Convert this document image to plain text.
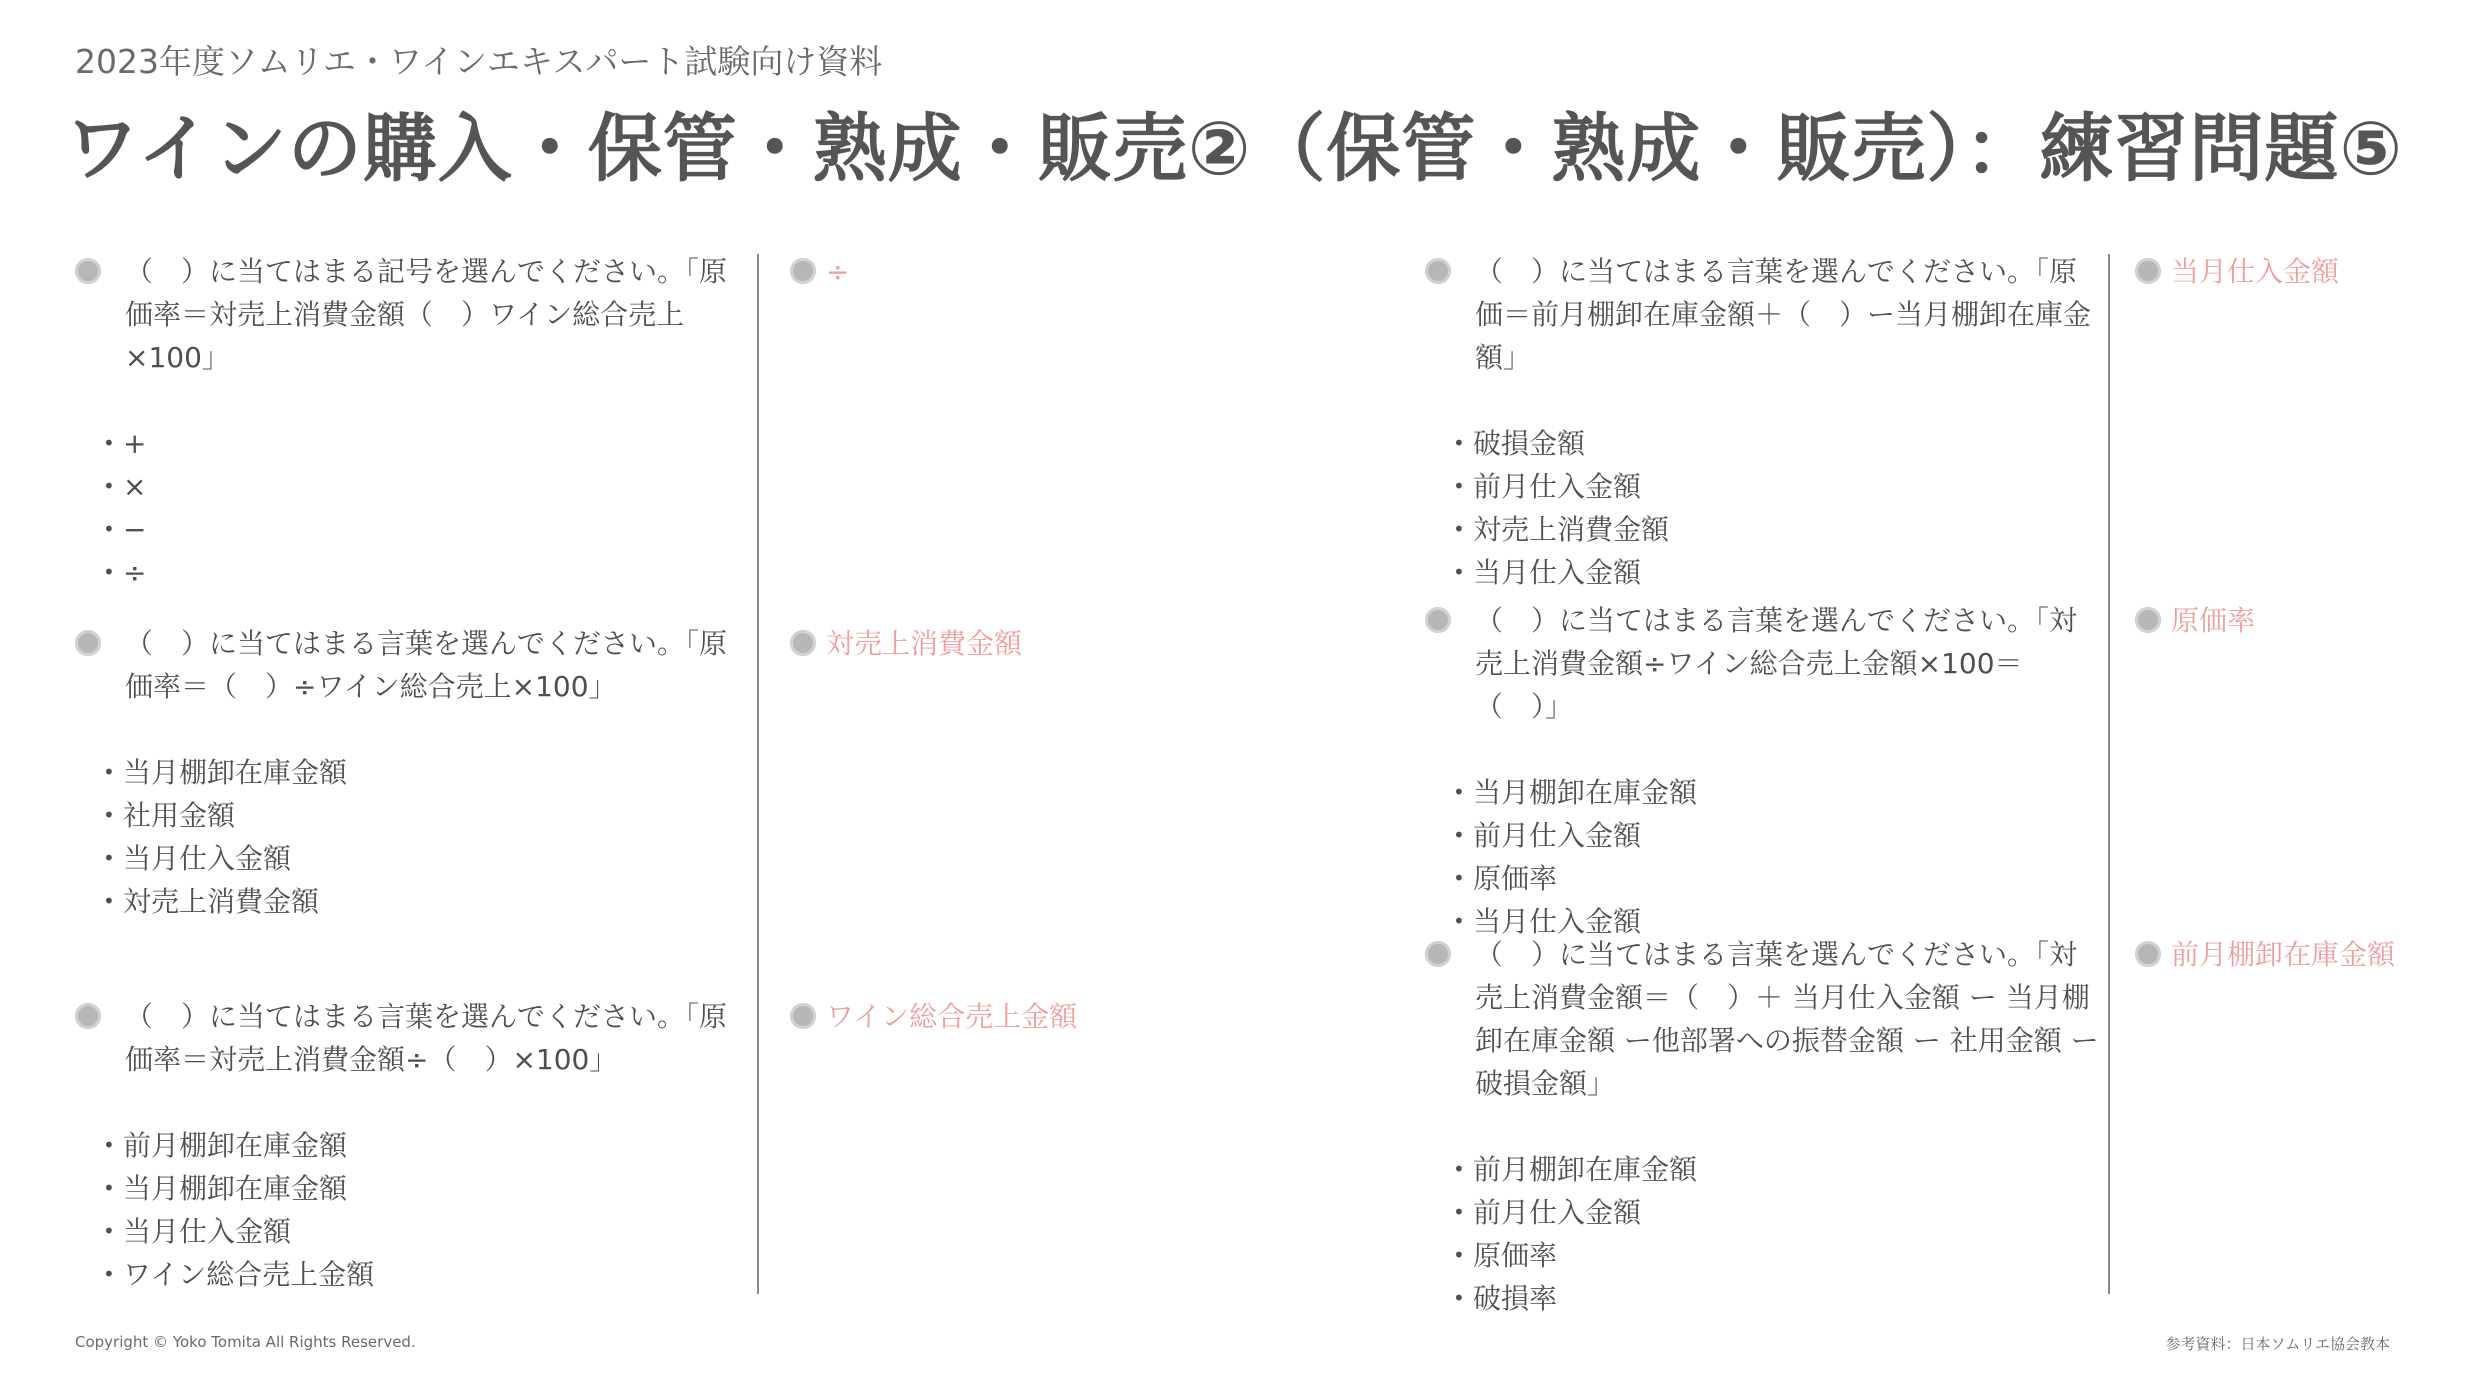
2023年度ソムリエ・ワインエキスパート試験向け資料
ワインの購入・保管・熟成・販売②（保管・熟成・販売）：練習問題⑤
（　）に当てはまる記号を選んでください。「原価率＝対売上消費金額（　）ワイン総合売上×100」
• +
• ×
• −
• ÷
÷
（　）に当てはまる言葉を選んでください。「原価率＝（　）÷ワイン総合売上×100」
• 当月棚卸在庫金額
• 社用金額
• 当月仕入金額
• 対売上消費金額
対売上消費金額
（　）に当てはまる言葉を選んでください。「原価率＝対売上消費金額÷（　）×100」
• 前月棚卸在庫金額
• 当月棚卸在庫金額
• 当月仕入金額
• ワイン総合売上金額
ワイン総合売上金額
（　）に当てはまる言葉を選んでください。「原価＝前月棚卸在庫金額＋（　）ー当月棚卸在庫金額」
• 破損金額
• 前月仕入金額
• 対売上消費金額
• 当月仕入金額
当月仕入金額
（　）に当てはまる言葉を選んでください。「対売上消費金額÷ワイン総合売上金額×100＝（　）」
• 当月棚卸在庫金額
• 前月仕入金額
• 原価率
• 当月仕入金額
原価率
（　）に当てはまる言葉を選んでください。「対売上消費金額＝（　）＋ 当月仕入金額 ー 当月棚卸在庫金額 ー他部署への振替金額 ー 社用金額 ー 破損金額」
• 前月棚卸在庫金額
• 前月仕入金額
• 原価率
• 破損率
前月棚卸在庫金額
Copyright © Yoko Tomita All Rights Reserved.	参考資料：日本ソムリエ協会教本
